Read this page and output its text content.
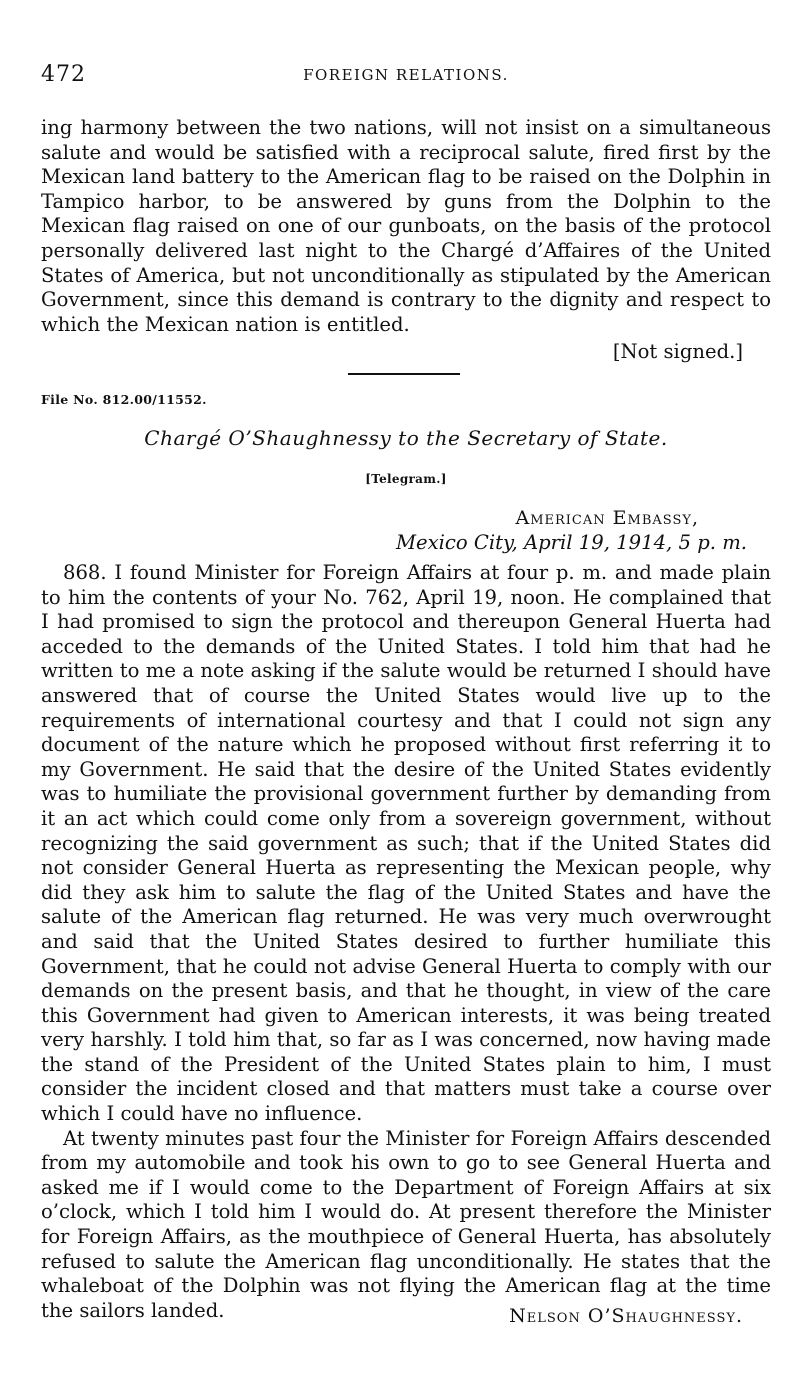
472	FOREIGN RELATIONS.

ing harmony between the two nations, will not insist on a simultaneous salute and would be satisfied with a reciprocal salute, fired first by the Mexican land battery to the American flag to be raised on the Dolphin in Tampico harbor, to be answered by guns from the Dolphin to the Mexican flag raised on one of our gunboats, on the basis of the protocol personally delivered last night to the Chargé d’Affaires of the United States of America, but not unconditionally as stipulated by the American Government, since this demand is contrary to the dignity and respect to which the Mexican nation is entitled.

[Not signed.]
File No. 812.00/11552.
Chargé O’Shaughnessy to the Secretary of State.
[Telegram.]
American Embassy,
Mexico City, April 19, 1914, 5 p. m.

868. I found Minister for Foreign Affairs at four p. m. and made plain to him the contents of your No. 762, April 19, noon. He complained that I had promised to sign the protocol and thereupon General Huerta had acceded to the demands of the United States. I told him that had he written to me a note asking if the salute would be returned I should have answered that of course the United States would live up to the requirements of international courtesy and that I could not sign any document of the nature which he proposed without first referring it to my Government. He said that the desire of the United States evidently was to humiliate the provisional government further by demanding from it an act which could come only from a sovereign government, without recognizing the said government as such; that if the United States did not consider General Huerta as representing the Mexican people, why did they ask him to salute the flag of the United States and have the salute of the American flag returned. He was very much overwrought and said that the United States desired to further humiliate this Government, that he could not advise General Huerta to comply with our demands on the present basis, and that he thought, in view of the care this Government had given to American interests, it was being treated very harshly. I told him that, so far as I was concerned, now having made the stand of the President of the United States plain to him, I must consider the incident closed and that matters must take a course over which I could have no influence.

At twenty minutes past four the Minister for Foreign Affairs descended from my automobile and took his own to go to see General Huerta and asked me if I would come to the Department of Foreign Affairs at six o’clock, which I told him I would do. At present therefore the Minister for Foreign Affairs, as the mouthpiece of General Huerta, has absolutely refused to salute the American flag unconditionally. He states that the whaleboat of the Dolphin was not flying the American flag at the time the sailors landed.	Nelson O’Shaughnessy.
